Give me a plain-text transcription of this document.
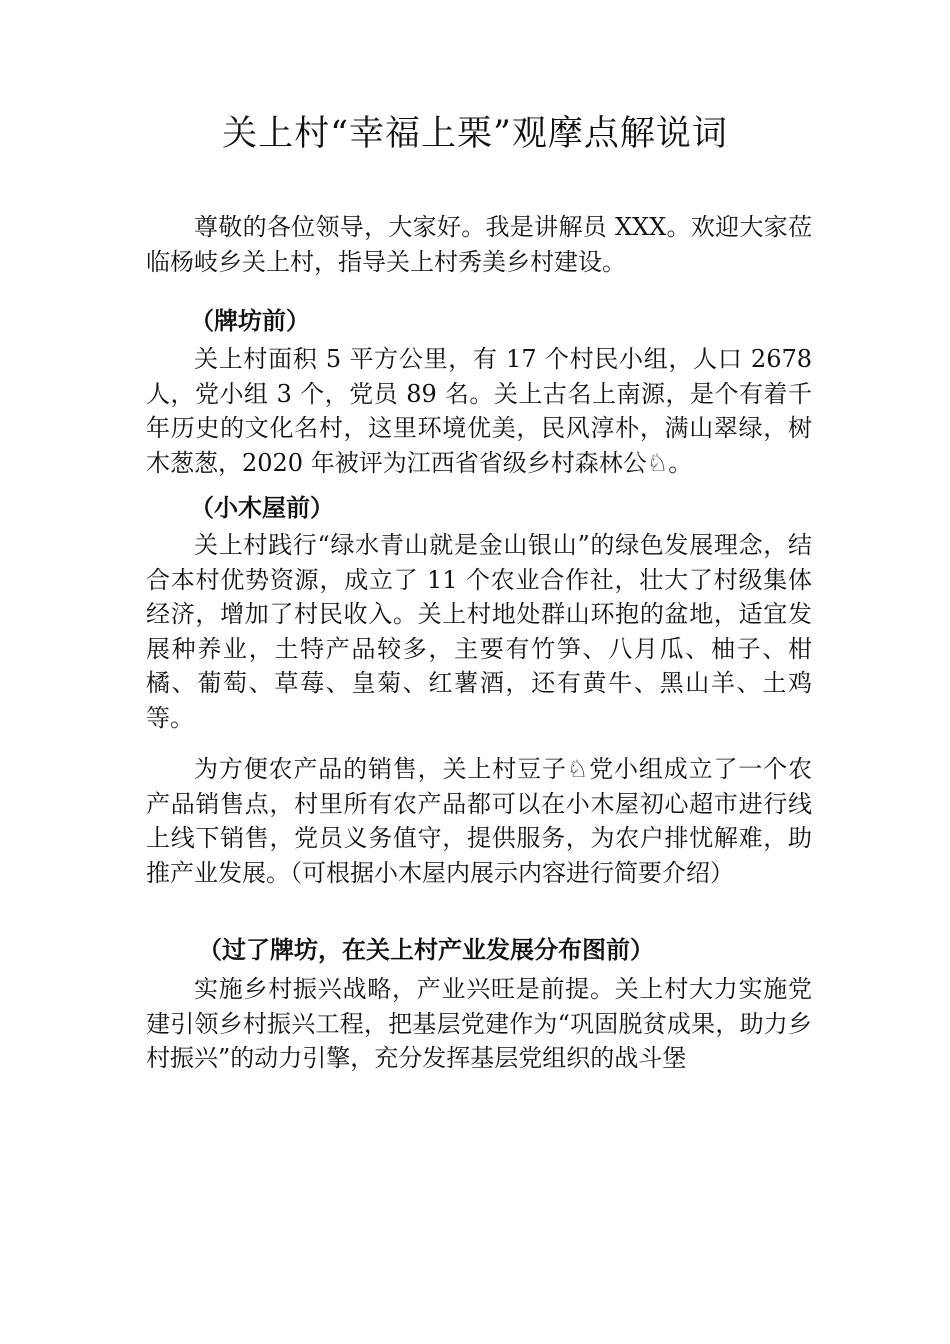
关上村“幸福上栗”观摩点解说词

尊敬的各位领导，大家好。我是讲解员 XXX。欢迎大家莅临杨岐乡关上村，指导关上村秀美乡村建设。

（牌坊前）

关上村面积 5 平方公里，有 17 个村民小组，人口 2678 人，党小组 3 个，党员 89 名。关上古名上南源，是个有着千年历史的文化名村，这里环境优美，民风淳朴，满山翠绿，树木葱葱，2020 年被评为江西省省级乡村森林公♘。

（小木屋前）

关上村践行“绿水青山就是金山银山”的绿色发展理念，结合本村优势资源，成立了 11 个农业合作社，壮大了村级集体经济，增加了村民收入。关上村地处群山环抱的盆地，适宜发展种养业，土特产品较多，主要有竹笋、八月瓜、柚子、柑橘、葡萄、草莓、皇菊、红薯酒，还有黄牛、黑山羊、土鸡等。

为方便农产品的销售，关上村豆子♘党小组成立了一个农产品销售点，村里所有农产品都可以在小木屋初心超市进行线上线下销售，党员义务值守，提供服务，为农户排忧解难，助推产业发展。（可根据小木屋内展示内容进行简要介绍）

（过了牌坊，在关上村产业发展分布图前）

实施乡村振兴战略，产业兴旺是前提。关上村大力实施党建引领乡村振兴工程，把基层党建作为“巩固脱贫成果，助力乡村振兴”的动力引擎，充分发挥基层党组织的战斗堡
